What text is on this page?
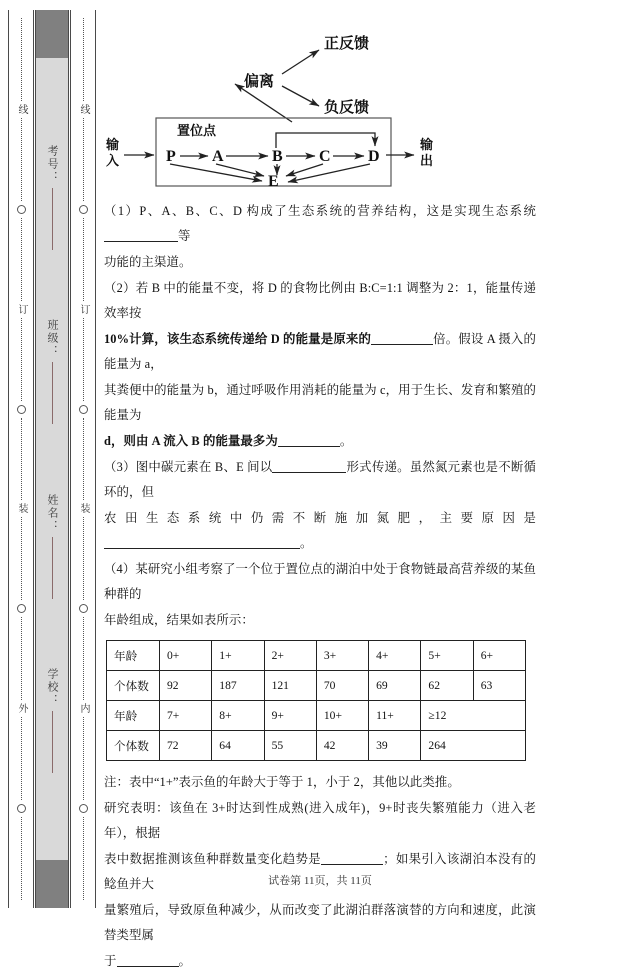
线
订
装
外
考号：
班级：
姓名：
学校：
线
订
装
内
偏离
正反馈
负反馈
置位点
输
入	P A	B C D
E
输
出

（1）P、A、B、C、D 构成了生态系统的营养结构，这是实现生态系统等

功能的主渠道。

（2）若 B 中的能量不变，将 D 的食物比例由 B:C=1:1 调整为 2：1，能量传递效率按

10%计算，该生态系统传递给 D 的能量是原来的	倍。假设 A 摄入的能量为 a，

其粪便中的能量为 b，通过呼吸作用消耗的能量为 c，用于生长、发育和繁殖的能量为

d，则由 A 流入 B 的能量最多为	。

（3）图中碳元素在 B、E 间以	形式传递。虽然氮元素也是不断循环的，但

农田生态系统中仍需不断施加氮肥，主要原因是。

（4）某研究小组考察了一个位于置位点的湖泊中处于食物链最高营养级的某鱼种群的

年龄组成，结果如表所示：

年龄	0+	1+	2+	3+	4+	5+	6+
个体数	92	187	121	70	69	62	63
年龄	7+	8+	9+	10+	11+	≥12	
个体数	72	64	55	42	39	264	

注：表中“1+”表示鱼的年龄大于等于 1，小于 2，其他以此类推。

研究表明：该鱼在 3+时达到性成熟(进入成年)，9+时丧失繁殖能力（进入老年），根据

表中数据推测该鱼种群数量变化趋势是	；如果引入该湖泊本没有的鲶鱼并大

量繁殖后，导致原鱼种减少，从而改变了此湖泊群落演替的方向和速度，此演替类型属

于	。

试卷第 11页，共 11页
